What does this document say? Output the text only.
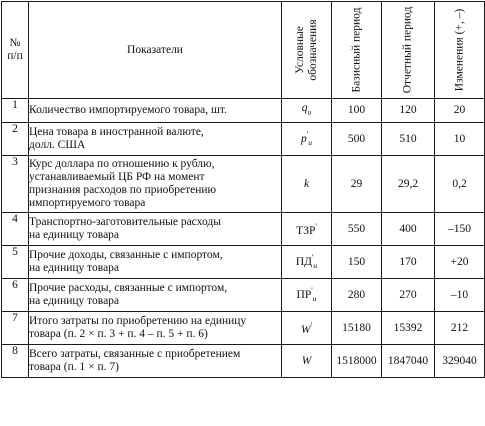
№
п/п	Показатели	Условные обозначения	Базисный период	Отчетный период	Изменения (+, –)

1	Количество импортируемого товара, шт.	$q_и$	100	120	20
2	Цена товара в иностранной валюте,
долл. США	$p'_и$	500	510	10
3	Курс доллара по отношению к рублю,
устанавливаемый ЦБ РФ на момент
признания расходов по приобретению
импортируемого товара	k	29	29,2	0,2
4	Транспортно-заготовительные расходы
на единицу товара	ТЗР'	550	400	–150
5	Прочие доходы, связанные с импортом,
на единицу товара	$ПД'_и$	150	170	+20
6	Прочие расходы, связанные с импортом,
на единицу товара	$ПР'_и$	280	270	–10
7	Итого затраты по приобретению на единицу
товара (п. 2 × п. 3 + п. 4 – п. 5 + п. 6)	W'	15180	15392	212
8	Всего затраты, связанные с приобретением
товара (п. 1 × п. 7)	W	1518000	1847040	329040
